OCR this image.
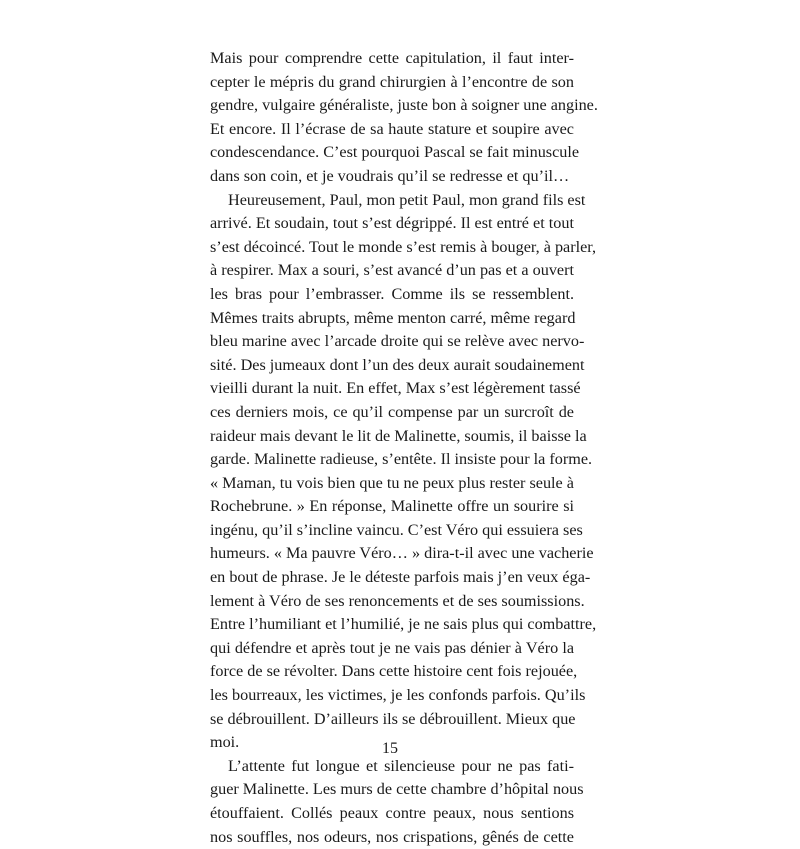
Mais pour comprendre cette capitulation, il faut inter-
cepter le mépris du grand chirurgien à l’encontre de son
gendre, vulgaire généraliste, juste bon à soigner une angine.
Et encore. Il l’écrase de sa haute stature et soupire avec
condescendance. C’est pourquoi Pascal se fait minuscule
dans son coin, et je voudrais qu’il se redresse et qu’il…

Heureusement, Paul, mon petit Paul, mon grand fils est
arrivé. Et soudain, tout s’est dégrippé. Il est entré et tout
s’est décoincé. Tout le monde s’est remis à bouger, à parler,
à respirer. Max a souri, s’est avancé d’un pas et a ouvert
les bras pour l’embrasser. Comme ils se ressemblent.
Mêmes traits abrupts, même menton carré, même regard
bleu marine avec l’arcade droite qui se relève avec nervo-
sité. Des jumeaux dont l’un des deux aurait soudainement
vieilli durant la nuit. En effet, Max s’est légèrement tassé
ces derniers mois, ce qu’il compense par un surcroît de
raideur mais devant le lit de Malinette, soumis, il baisse la
garde. Malinette radieuse, s’entête. Il insiste pour la forme.
« Maman, tu vois bien que tu ne peux plus rester seule à
Rochebrune. » En réponse, Malinette offre un sourire si
ingénu, qu’il s’incline vaincu. C’est Véro qui essuiera ses
humeurs. « Ma pauvre Véro… » dira-t-il avec une vacherie
en bout de phrase. Je le déteste parfois mais j’en veux éga-
lement à Véro de ses renoncements et de ses soumissions.
Entre l’humiliant et l’humilié, je ne sais plus qui combattre,
qui défendre et après tout je ne vais pas dénier à Véro la
force de se révolter. Dans cette histoire cent fois rejouée,
les bourreaux, les victimes, je les confonds parfois. Qu’ils
se débrouillent. D’ailleurs ils se débrouillent. Mieux que
moi.

L’attente fut longue et silencieuse pour ne pas fati-
guer Malinette. Les murs de cette chambre d’hôpital nous
étouffaient. Collés peaux contre peaux, nous sentions
nos souffles, nos odeurs, nos crispations, gênés de cette

15
